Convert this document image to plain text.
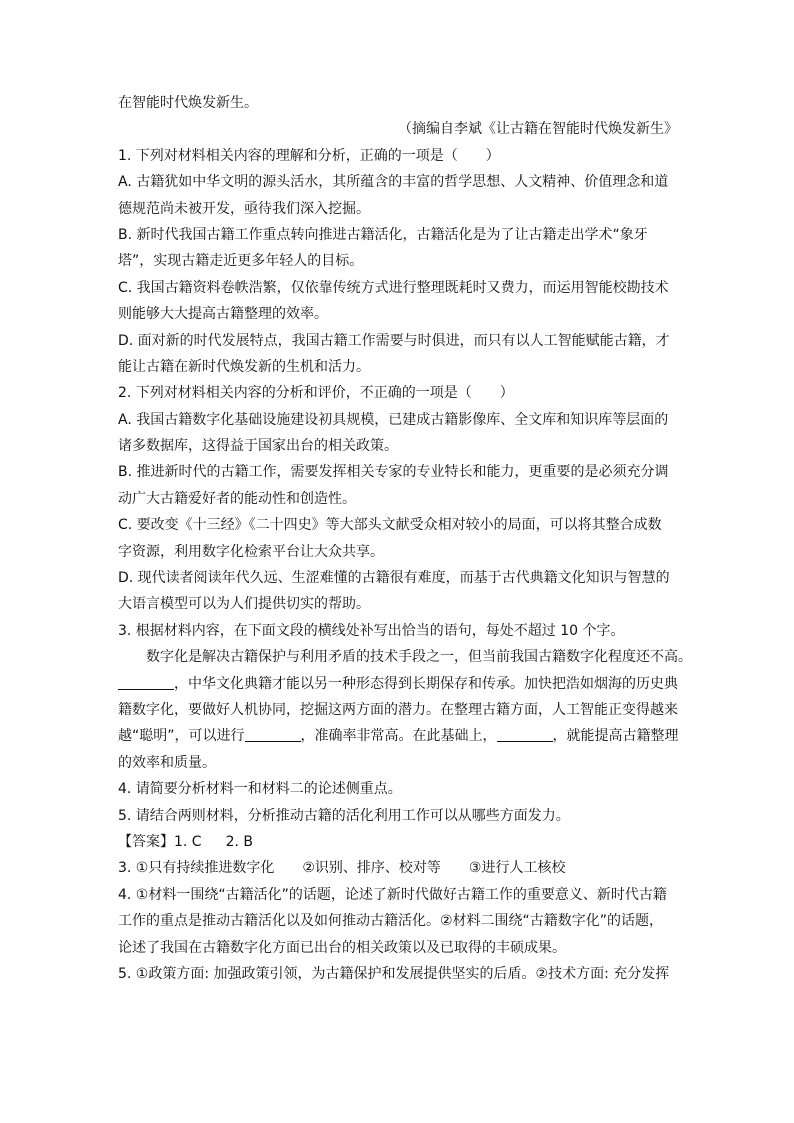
在智能时代焕发新生。
（摘编自李斌《让古籍在智能时代焕发新生》
1. 下列对材料相关内容的理解和分析，正确的一项是（　　）
A. 古籍犹如中华文明的源头活水，其所蕴含的丰富的哲学思想、人文精神、价值理念和道
德规范尚未被开发，亟待我们深入挖掘。
B. 新时代我国古籍工作重点转向推进古籍活化，古籍活化是为了让古籍走出学术“象牙
塔”，实现古籍走近更多年轻人的目标。
C. 我国古籍资料卷帙浩繁，仅依靠传统方式进行整理既耗时又费力，而运用智能校勘技术
则能够大大提高古籍整理的效率。
D. 面对新的时代发展特点，我国古籍工作需要与时俱进，而只有以人工智能赋能古籍，才
能让古籍在新时代焕发新的生机和活力。
2. 下列对材料相关内容的分析和评价，不正确的一项是（　　）
A. 我国古籍数字化基础设施建设初具规模，已建成古籍影像库、全文库和知识库等层面的
诸多数据库，这得益于国家出台的相关政策。
B. 推进新时代的古籍工作，需要发挥相关专家的专业特长和能力，更重要的是必须充分调
动广大古籍爱好者的能动性和创造性。
C. 要改变《十三经》《二十四史》等大部头文献受众相对较小的局面，可以将其整合成数
字资源，利用数字化检索平台让大众共享。
D. 现代读者阅读年代久远、生涩难懂的古籍很有难度，而基于古代典籍文化知识与智慧的
大语言模型可以为人们提供切实的帮助。
3. 根据材料内容，在下面文段的横线处补写出恰当的语句，每处不超过 10 个字。
数字化是解决古籍保护与利用矛盾的技术手段之一，但当前我国古籍数字化程度还不高。
，中华文化典籍才能以另一种形态得到长期保存和传承。加快把浩如烟海的历史典
籍数字化，要做好人机协同，挖掘这两方面的潜力。在整理古籍方面，人工智能正变得越来
越“聪明”，可以进行	，准确率非常高。在此基础上，	，就能提高古籍整理
的效率和质量。
4. 请简要分析材料一和材料二的论述侧重点。
5. 请结合两则材料，分析推动古籍的活化利用工作可以从哪些方面发力。
【答案】1. C 2. B
3. ①只有持续推进数字化 ②识别、排序、校对等 ③进行人工核校
4. ①材料一围绕“古籍活化”的话题，论述了新时代做好古籍工作的重要意义、新时代古籍
工作的重点是推动古籍活化以及如何推动古籍活化。②材料二围绕“古籍数字化”的话题，
论述了我国在古籍数字化方面已出台的相关政策以及已取得的丰硕成果。
5. ①政策方面: 加强政策引领，为古籍保护和发展提供坚实的后盾。②技术方面: 充分发挥
